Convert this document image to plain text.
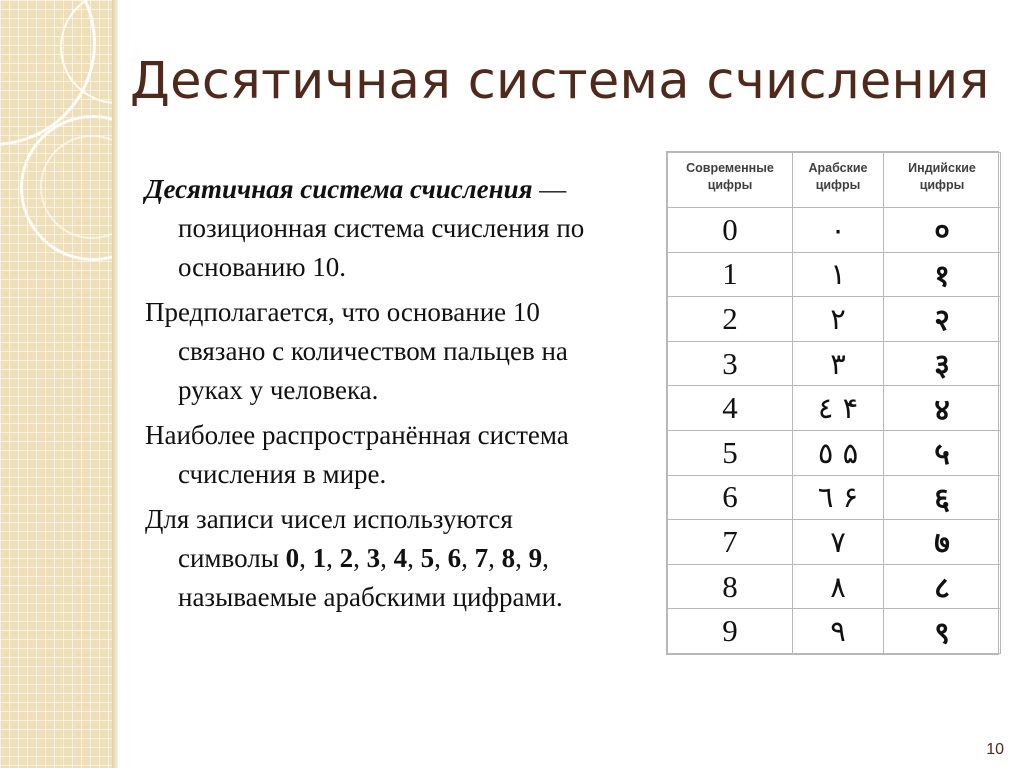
Десятичная система счисления

Десятичная система счисления — позиционная система счисления по основанию 10.

Предполагается, что основание 10 связано с количеством пальцев на руках у человека.

Наиболее распространённая система счисления в мире.

Для записи чисел используются символы 0, 1, 2, 3, 4, 5, 6, 7, 8, 9, называемые арабскими цифрами.

Современные цифры	Арабские цифры	Индийские цифры
0	٠	०
1	١	१
2	٢	२
3	٣	३
4	٤ ۴	४
5	٥ ۵	५
6	٦ ۶	६
7	٧	७
8	٨	८
9	٩	९
10
